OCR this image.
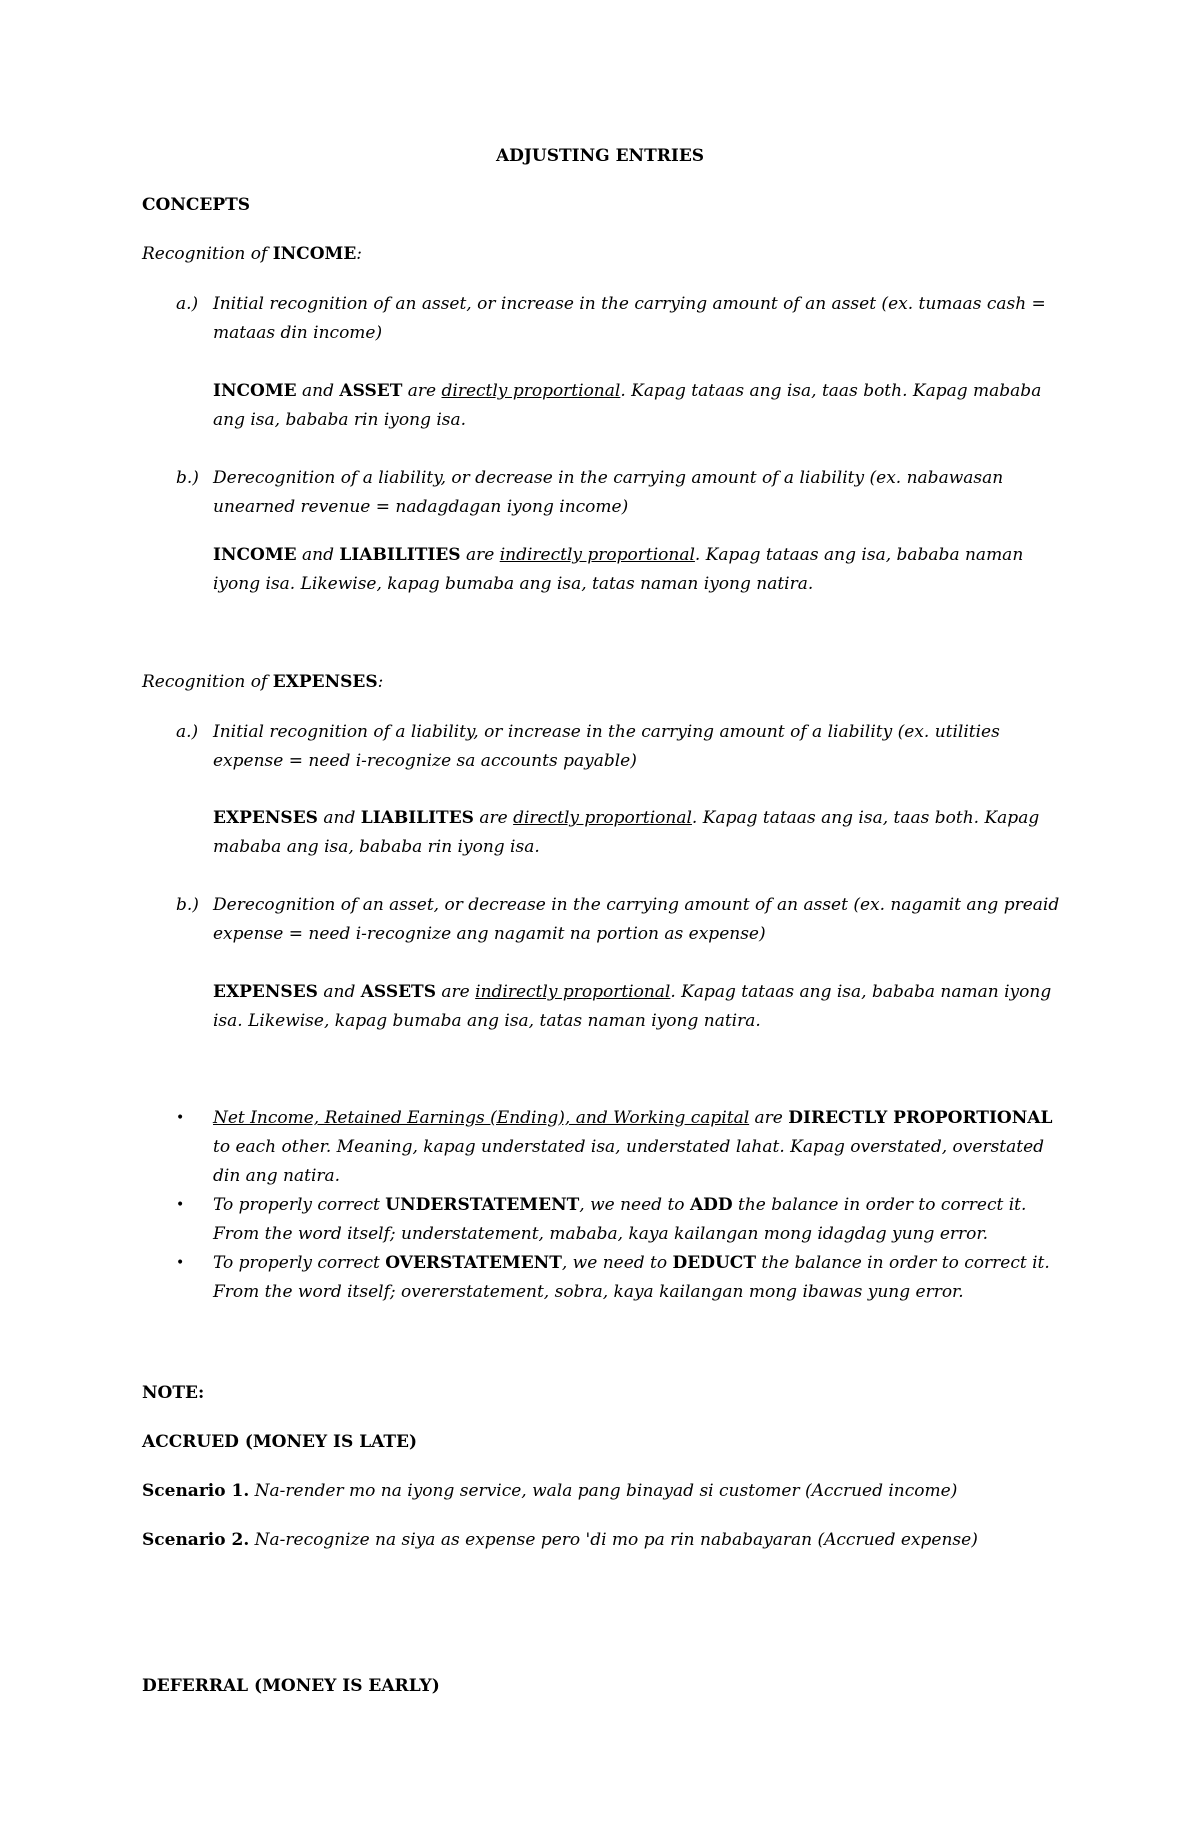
ADJUSTING ENTRIES
CONCEPTS
Recognition of INCOME:
a.) Initial recognition of an asset, or increase in the carrying amount of an asset (ex. tumaas cash = mataas din income)
INCOME and ASSET are directly proportional. Kapag tataas ang isa, taas both. Kapag mababa ang isa, bababa rin iyong isa.
b.) Derecognition of a liability, or decrease in the carrying amount of a liability (ex. nabawasan unearned revenue = nadagdagan iyong income)
INCOME and LIABILITIES are indirectly proportional. Kapag tataas ang isa, bababa naman iyong isa. Likewise, kapag bumaba ang isa, tatas naman iyong natira.
Recognition of EXPENSES:
a.) Initial recognition of a liability, or increase in the carrying amount of a liability (ex. utilities expense = need i-recognize sa accounts payable)
EXPENSES and LIABILITES are directly proportional. Kapag tataas ang isa, taas both. Kapag mababa ang isa, bababa rin iyong isa.
b.) Derecognition of an asset, or decrease in the carrying amount of an asset (ex. nagamit ang preaid expense = need i-recognize ang nagamit na portion as expense)
EXPENSES and ASSETS are indirectly proportional. Kapag tataas ang isa, bababa naman iyong isa. Likewise, kapag bumaba ang isa, tatas naman iyong natira.
• Net Income, Retained Earnings (Ending), and Working capital are DIRECTLY PROPORTIONAL to each other. Meaning, kapag understated isa, understated lahat. Kapag overstated, overstated din ang natira.
• To properly correct UNDERSTATEMENT, we need to ADD the balance in order to correct it. From the word itself; understatement, mababa, kaya kailangan mong idagdag yung error.
• To properly correct OVERSTATEMENT, we need to DEDUCT the balance in order to correct it. From the word itself; overerstatement, sobra, kaya kailangan mong ibawas yung error.
NOTE:
ACCRUED (MONEY IS LATE)
Scenario 1. Na-render mo na iyong service, wala pang binayad si customer (Accrued income)
Scenario 2. Na-recognize na siya as expense pero 'di mo pa rin nababayaran (Accrued expense)
DEFERRAL (MONEY IS EARLY)
